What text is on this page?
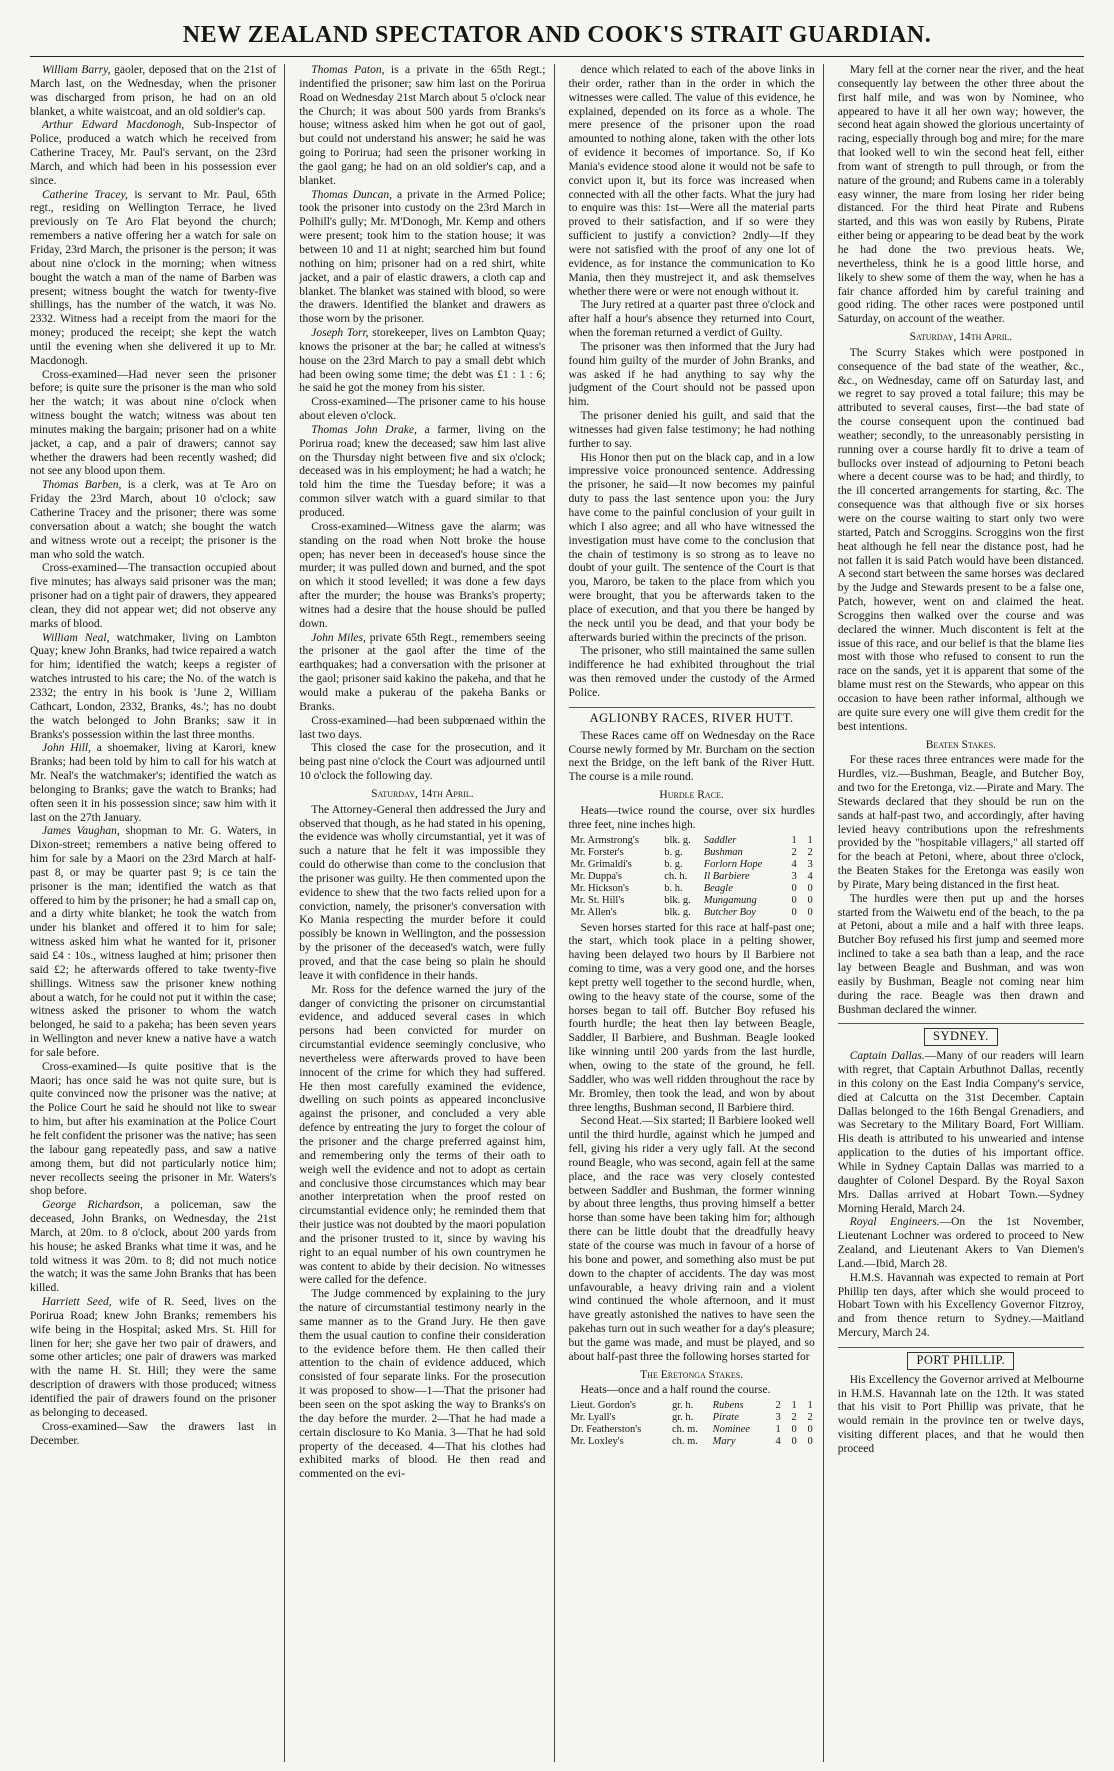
NEW ZEALAND SPECTATOR AND COOK'S STRAIT GUARDIAN.

William Barry, gaoler, deposed that on the 21st of March last, on the Wednesday, when the prisoner was discharged from prison, he had on an old blanket, a white waistcoat, and an old soldier's cap.

Arthur Edward Macdonogh, Sub-Inspector of Police, produced a watch which he received from Catherine Tracey, Mr. Paul's servant, on the 23rd March, and which had been in his possession ever since.

Catherine Tracey, is servant to Mr. Paul, 65th regt., residing on Wellington Terrace, he lived previously on Te Aro Flat beyond the church; remembers a native offering her a watch for sale on Friday, 23rd March, the prisoner is the person; it was about nine o'clock in the morning; when witness bought the watch a man of the name of Barben was present; witness bought the watch for twenty-five shillings, has the number of the watch, it was No. 2332. Witness had a receipt from the maori for the money; produced the receipt; she kept the watch until the evening when she delivered it up to Mr. Macdonogh.

Cross-examined—Had never seen the prisoner before; is quite sure the prisoner is the man who sold her the watch; it was about nine o'clock when witness bought the watch; witness was about ten minutes making the bargain; prisoner had on a white jacket, a cap, and a pair of drawers; cannot say whether the drawers had been recently washed; did not see any blood upon them.

Thomas Barben, is a clerk, was at Te Aro on Friday the 23rd March, about 10 o'clock; saw Catherine Tracey and the prisoner; there was some conversation about a watch; she bought the watch and witness wrote out a receipt; the prisoner is the man who sold the watch.

Cross-examined—The transaction occupied about five minutes; has always said prisoner was the man; prisoner had on a tight pair of drawers, they appeared clean, they did not appear wet; did not observe any marks of blood.

William Neal, watchmaker, living on Lambton Quay; knew John Branks, had twice repaired a watch for him; identified the watch; keeps a register of watches intrusted to his care; the No. of the watch is 2332; the entry in his book is 'June 2, William Cathcart, London, 2332, Branks, 4s.'; has no doubt the watch belonged to John Branks; saw it in Branks's possession within the last three months.

John Hill, a shoemaker, living at Karori, knew Branks; had been told by him to call for his watch at Mr. Neal's the watchmaker's; identified the watch as belonging to Branks; gave the watch to Branks; had often seen it in his possession since; saw him with it last on the 27th January.

James Vaughan, shopman to Mr. G. Waters, in Dixon-street; remembers a native being offered to him for sale by a Maori on the 23rd March at half-past 8, or may be quarter past 9; is ce tain the prisoner is the man; identified the watch as that offered to him by the prisoner; he had a small cap on, and a dirty white blanket; he took the watch from under his blanket and offered it to him for sale; witness asked him what he wanted for it, prisoner said £4 : 10s., witness laughed at him; prisoner then said £2; he afterwards offered to take twenty-five shillings. Witness saw the prisoner knew nothing about a watch, for he could not put it within the case; witness asked the prisoner to whom the watch belonged, he said to a pakeha; has been seven years in Wellington and never knew a native have a watch for sale before.

Cross-examined—Is quite positive that is the Maori; has once said he was not quite sure, but is quite convinced now the prisoner was the native; at the Police Court he said he should not like to swear to him, but after his examination at the Police Court he felt confident the prisoner was the native; has seen the labour gang repeatedly pass, and saw a native among them, but did not particularly notice him; never recollects seeing the prisoner in Mr. Waters's shop before.

George Richardson, a policeman, saw the deceased, John Branks, on Wednesday, the 21st March, at 20m. to 8 o'clock, about 200 yards from his house; he asked Branks what time it was, and he told witness it was 20m. to 8; did not much notice the watch; it was the same John Branks that has been killed.

Harriett Seed, wife of R. Seed, lives on the Porirua Road; knew John Branks; remembers his wife being in the Hospital; asked Mrs. St. Hill for linen for her; she gave her two pair of drawers, and some other articles; one pair of drawers was marked with the name H. St. Hill; they were the same description of drawers with those produced; witness identified the pair of drawers found on the prisoner as belonging to deceased.

Cross-examined—Saw the drawers last in December.

Thomas Paton, is a private in the 65th Regt.; indentified the prisoner; saw him last on the Porirua Road on Wednesday 21st March about 5 o'clock near the Church; it was about 500 yards from Branks's house; witness asked him when he got out of gaol, but could not understand his answer; he said he was going to Porirua; had seen the prisoner working in the gaol gang; he had on an old soldier's cap, and a blanket.

Thomas Duncan, a private in the Armed Police; took the prisoner into custody on the 23rd March in Polhill's gully; Mr. M'Donogh, Mr. Kemp and others were present; took him to the station house; it was between 10 and 11 at night; searched him but found nothing on him; prisoner had on a red shirt, white jacket, and a pair of elastic drawers, a cloth cap and blanket. The blanket was stained with blood, so were the drawers. Identified the blanket and drawers as those worn by the prisoner.

Joseph Torr, storekeeper, lives on Lambton Quay; knows the prisoner at the bar; he called at witness's house on the 23rd March to pay a small debt which had been owing some time; the debt was £1 : 1 : 6; he said he got the money from his sister.

Cross-examined—The prisoner came to his house about eleven o'clock.

Thomas John Drake, a farmer, living on the Porirua road; knew the deceased; saw him last alive on the Thursday night between five and six o'clock; deceased was in his employment; he had a watch; he told him the time the Tuesday before; it was a common silver watch with a guard similar to that produced.

Cross-examined—Witness gave the alarm; was standing on the road when Nott broke the house open; has never been in deceased's house since the murder; it was pulled down and burned, and the spot on which it stood levelled; it was done a few days after the murder; the house was Branks's property; witnes had a desire that the house should be pulled down.

John Miles, private 65th Regt., remembers seeing the prisoner at the gaol after the time of the earthquakes; had a conversation with the prisoner at the gaol; prisoner said kakino the pakeha, and that he would make a pukerau of the pakeha Banks or Branks.

Cross-examined—had been subpœnaed within the last two days.

This closed the case for the prosecution, and it being past nine o'clock the Court was adjourned until 10 o'clock the following day.

Saturday, 14th April.

The Attorney-General then addressed the Jury and observed that though, as he had stated in his opening, the evidence was wholly circumstantial, yet it was of such a nature that he felt it was impossible they could do otherwise than come to the conclusion that the prisoner was guilty. He then commented upon the evidence to shew that the two facts relied upon for a conviction, namely, the prisoner's conversation with Ko Mania respecting the murder before it could possibly be known in Wellington, and the possession by the prisoner of the deceased's watch, were fully proved, and that the case being so plain he should leave it with confidence in their hands.

Mr. Ross for the defence warned the jury of the danger of convicting the prisoner on circumstantial evidence, and adduced several cases in which persons had been convicted for murder on circumstantial evidence seemingly conclusive, who nevertheless were afterwards proved to have been innocent of the crime for which they had suffered. He then most carefully examined the evidence, dwelling on such points as appeared inconclusive against the prisoner, and concluded a very able defence by entreating the jury to forget the colour of the prisoner and the charge preferred against him, and remembering only the terms of their oath to weigh well the evidence and not to adopt as certain and conclusive those circumstances which may bear another interpretation when the proof rested on circumstantial evidence only; he reminded them that their justice was not doubted by the maori population and the prisoner trusted to it, since by waving his right to an equal number of his own countrymen he was content to abide by their decision. No witnesses were called for the defence.

The Judge commenced by explaining to the jury the nature of circumstantial testimony nearly in the same manner as to the Grand Jury. He then gave them the usual caution to confine their consideration to the evidence before them. He then called their attention to the chain of evidence adduced, which consisted of four separate links. For the prosecution it was proposed to show—1—That the prisoner had been seen on the spot asking the way to Branks's on the day before the murder. 2—That he had made a certain disclosure to Ko Mania. 3—That he had sold property of the deceased. 4—That his clothes had exhibited marks of blood. He then read and commented on the evi-

dence which related to each of the above links in their order, rather than in the order in which the witnesses were called. The value of this evidence, he explained, depended on its force as a whole. The mere presence of the prisoner upon the road amounted to nothing alone, taken with the other lots of evidence it becomes of importance. So, if Ko Mania's evidence stood alone it would not be safe to convict upon it, but its force was increased when connected with all the other facts. What the jury had to enquire was this: 1st—Were all the material parts proved to their satisfaction, and if so were they sufficient to justify a conviction? 2ndly—If they were not satisfied with the proof of any one lot of evidence, as for instance the communication to Ko Mania, then they mustreject it, and ask themselves whether there were or were not enough without it.

The Jury retired at a quarter past three o'clock and after half a hour's absence they returned into Court, when the foreman returned a verdict of Guilty.

The prisoner was then informed that the Jury had found him guilty of the murder of John Branks, and was asked if he had anything to say why the judgment of the Court should not be passed upon him.

The prisoner denied his guilt, and said that the witnesses had given false testimony; he had nothing further to say.

His Honor then put on the black cap, and in a low impressive voice pronounced sentence. Addressing the prisoner, he said—It now becomes my painful duty to pass the last sentence upon you: the Jury have come to the painful conclusion of your guilt in which I also agree; and all who have witnessed the investigation must have come to the conclusion that the chain of testimony is so strong as to leave no doubt of your guilt. The sentence of the Court is that you, Maroro, be taken to the place from which you were brought, that you be afterwards taken to the place of execution, and that you there be hanged by the neck until you be dead, and that your body be afterwards buried within the precincts of the prison.

The prisoner, who still maintained the same sullen indifference he had exhibited throughout the trial was then removed under the custody of the Armed Police.

AGLIONBY RACES, RIVER HUTT.

These Races came off on Wednesday on the Race Course newly formed by Mr. Burcham on the section next the Bridge, on the left bank of the River Hutt. The course is a mile round.

Hurdle Race.

Heats—twice round the course, over six hurdles three feet, nine inches high.

Mr. Armstrong's	blk. g.	Saddler	1	1
Mr. Forster's	b. g.	Bushman	2	2
Mr. Grimaldi's	b. g.	Forlorn Hope	4	3
Mr. Duppa's	ch. h.	Il Barbiere	3	4
Mr. Hickson's	b. h.	Beagle	0	0
Mr. St. Hill's	blk. g.	Mungamung	0	0
Mr. Allen's	blk. g.	Butcher Boy	0	0

Seven horses started for this race at half-past one; the start, which took place in a pelting shower, having been delayed two hours by Il Barbiere not coming to time, was a very good one, and the horses kept pretty well together to the second hurdle, when, owing to the heavy state of the course, some of the horses began to tail off. Butcher Boy refused his fourth hurdle; the heat then lay between Beagle, Saddler, Il Barbiere, and Bushman. Beagle looked like winning until 200 yards from the last hurdle, when, owing to the state of the ground, he fell. Saddler, who was well ridden throughout the race by Mr. Bromley, then took the lead, and won by about three lengths, Bushman second, Il Barbiere third.

Second Heat.—Six started; Il Barbiere looked well until the third hurdle, against which he jumped and fell, giving his rider a very ugly fall. At the second round Beagle, who was second, again fell at the same place, and the race was very closely contested between Saddler and Bushman, the former winning by about three lengths, thus proving himself a better horse than some have been taking him for; although there can be little doubt that the dreadfully heavy state of the course was much in favour of a horse of his bone and power, and something also must be put down to the chapter of accidents. The day was most unfavourable, a heavy driving rain and a violent wind continued the whole afternoon, and it must have greatly astonished the natives to have seen the pakehas turn out in such weather for a day's pleasure; but the game was made, and must be played, and so about half-past three the following horses started for

The Eretonga Stakes.

Heats—once and a half round the course.

Lieut. Gordon's	gr. h.	Rubens	2	1	1
Mr. Lyall's	gr. h.	Pirate	3	2	2
Dr. Featherston's	ch. m.	Nominee	1	0	0
Mr. Loxley's	ch. m.	Mary	4	0	0

Mary fell at the corner near the river, and the heat consequently lay between the other three about the first half mile, and was won by Nominee, who appeared to have it all her own way; however, the second heat again showed the glorious uncertainty of racing, especially through bog and mire; for the mare that looked well to win the second heat fell, either from want of strength to pull through, or from the nature of the ground; and Rubens came in a tolerably easy winner, the mare from losing her rider being distanced. For the third heat Pirate and Rubens started, and this was won easily by Rubens, Pirate either being or appearing to be dead beat by the work he had done the two previous heats. We, nevertheless, think he is a good little horse, and likely to shew some of them the way, when he has a fair chance afforded him by careful training and good riding. The other races were postponed until Saturday, on account of the weather.

Saturday, 14th April.

The Scurry Stakes which were postponed in consequence of the bad state of the weather, &c., &c., on Wednesday, came off on Saturday last, and we regret to say proved a total failure; this may be attributed to several causes, first—the bad state of the course consequent upon the continued bad weather; secondly, to the unreasonably persisting in running over a course hardly fit to drive a team of bullocks over instead of adjourning to Petoni beach where a decent course was to be had; and thirdly, to the ill concerted arrangements for starting, &c. The consequence was that although five or six horses were on the course waiting to start only two were started, Patch and Scroggins. Scroggins won the first heat although he fell near the distance post, had he not fallen it is said Patch would have been distanced. A second start between the same horses was declared by the Judge and Stewards present to be a false one, Patch, however, went on and claimed the heat. Scroggins then walked over the course and was declared the winner. Much discontent is felt at the issue of this race, and our belief is that the blame lies most with those who refused to consent to run the race on the sands, yet it is apparent that some of the blame must rest on the Stewards, who appear on this occasion to have been rather informal, although we are quite sure every one will give them credit for the best intentions.

Beaten Stakes.

For these races three entrances were made for the Hurdles, viz.—Bushman, Beagle, and Butcher Boy, and two for the Eretonga, viz.—Pirate and Mary. The Stewards declared that they should be run on the sands at half-past two, and accordingly, after having levied heavy contributions upon the refreshments provided by the "hospitable villagers," all started off for the beach at Petoni, where, about three o'clock, the Beaten Stakes for the Eretonga was easily won by Pirate, Mary being distanced in the first heat.

The hurdles were then put up and the horses started from the Waiwetu end of the beach, to the pa at Petoni, about a mile and a half with three leaps. Butcher Boy refused his first jump and seemed more inclined to take a sea bath than a leap, and the race lay between Beagle and Bushman, and was won easily by Bushman, Beagle not coming near him during the race. Beagle was then drawn and Bushman declared the winner.

SYDNEY.

Captain Dallas.—Many of our readers will learn with regret, that Captain Arbuthnot Dallas, recently in this colony on the East India Company's service, died at Calcutta on the 31st December. Captain Dallas belonged to the 16th Bengal Grenadiers, and was Secretary to the Military Board, Fort William. His death is attributed to his unwearied and intense application to the duties of his important office. While in Sydney Captain Dallas was married to a daughter of Colonel Despard. By the Royal Saxon Mrs. Dallas arrived at Hobart Town.—Sydney Morning Herald, March 24.

Royal Engineers.—On the 1st November, Lieutenant Lochner was ordered to proceed to New Zealand, and Lieutenant Akers to Van Diemen's Land.—Ibid, March 28.

H.M.S. Havannah was expected to remain at Port Phillip ten days, after which she would proceed to Hobart Town with his Excellency Governor Fitzroy, and from thence return to Sydney.—Maitland Mercury, March 24.

PORT PHILLIP.

His Excellency the Governor arrived at Melbourne in H.M.S. Havannah late on the 12th. It was stated that his visit to Port Phillip was private, that he would remain in the province ten or twelve days, visiting different places, and that he would then proceed
